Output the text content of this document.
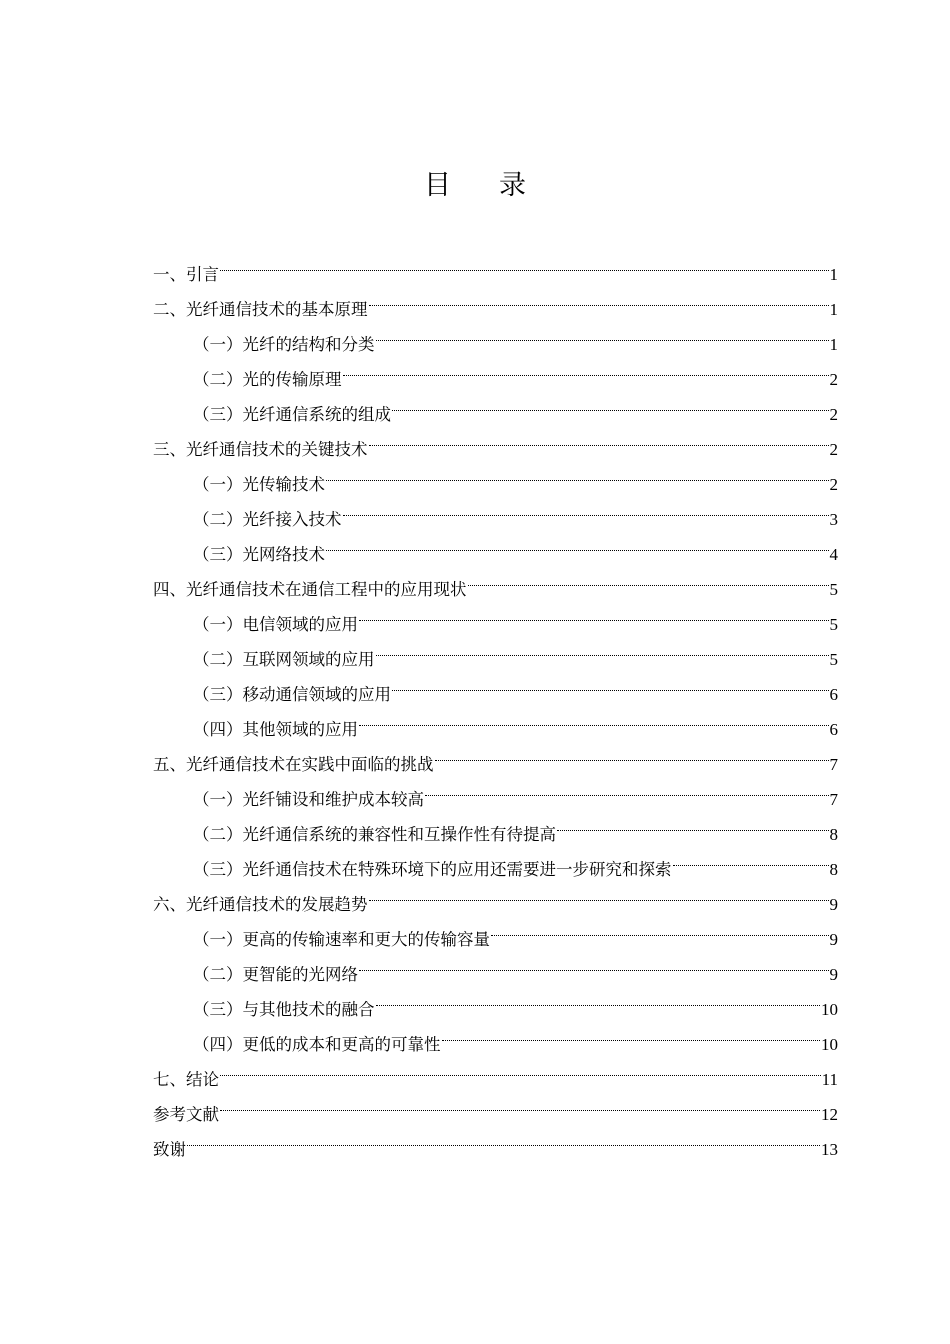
目录
一、引言	1
二、光纤通信技术的基本原理	1
（一）光纤的结构和分类	1
（二）光的传输原理	2
（三）光纤通信系统的组成	2
三、光纤通信技术的关键技术	2
（一）光传输技术	2
（二）光纤接入技术	3
（三）光网络技术	4
四、光纤通信技术在通信工程中的应用现状	5
（一）电信领域的应用	5
（二）互联网领域的应用	5
（三）移动通信领域的应用	6
（四）其他领域的应用	6
五、光纤通信技术在实践中面临的挑战	7
（一）光纤铺设和维护成本较高	7
（二）光纤通信系统的兼容性和互操作性有待提高	8
（三）光纤通信技术在特殊环境下的应用还需要进一步研究和探索	8
六、光纤通信技术的发展趋势	9
（一）更高的传输速率和更大的传输容量	9
（二）更智能的光网络	9
（三）与其他技术的融合	10
（四）更低的成本和更高的可靠性	10
七、结论	11
参考文献	12
致谢	13
